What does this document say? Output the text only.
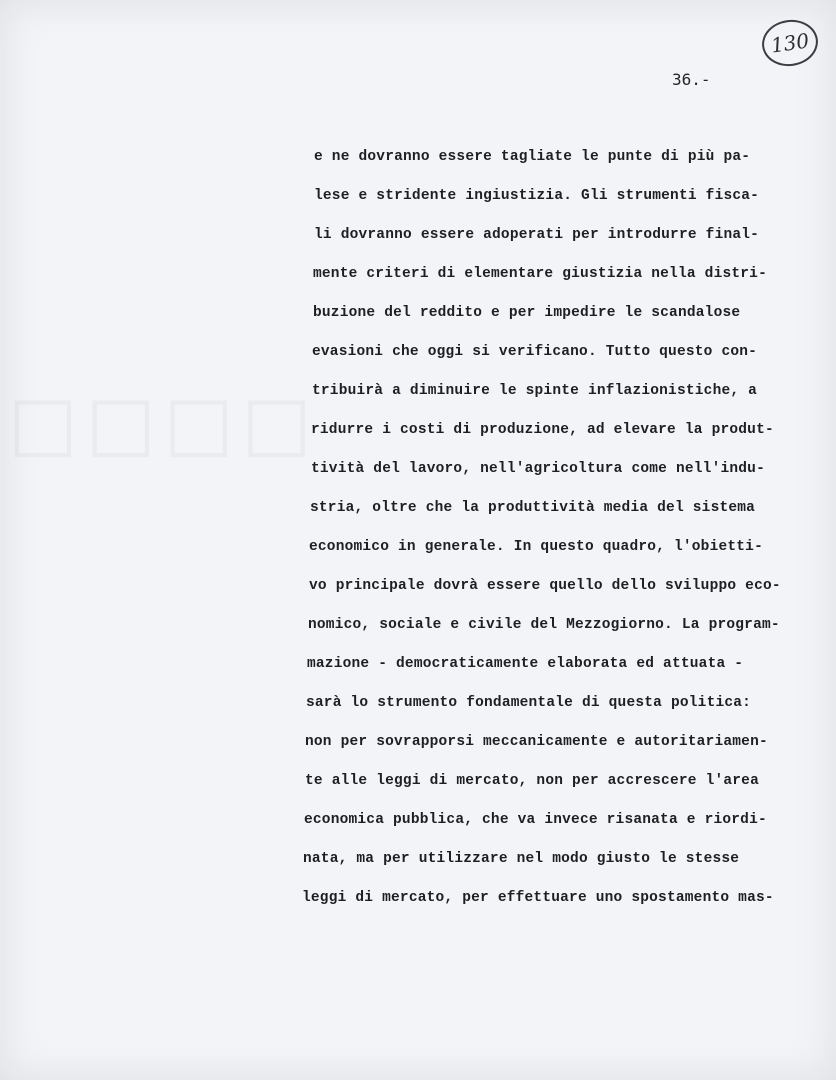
□□□□
130
36.-
e ne dovranno essere tagliate le punte di più pa-
lese e stridente ingiustizia. Gli strumenti fisca-
li dovranno essere adoperati per introdurre final-
mente criteri di elementare giustizia nella distri-
buzione del reddito e per impedire le scandalose
evasioni che oggi si verificano. Tutto questo con-
tribuirà a diminuire le spinte inflazionistiche, a
ridurre i costi di produzione, ad elevare la produt-
tività del lavoro, nell'agricoltura come nell'indu-
stria, oltre che la produttività media del sistema
economico in generale. In questo quadro, l'obietti-
vo principale dovrà essere quello dello sviluppo eco-
nomico, sociale e civile del Mezzogiorno. La program-
mazione - democraticamente elaborata ed attuata -
sarà lo strumento fondamentale di questa politica:
non per sovrapporsi meccanicamente e autoritariamen-
te alle leggi di mercato, non per accrescere l'area
economica pubblica, che va invece risanata e riordi-
nata, ma per utilizzare nel modo giusto le stesse
leggi di mercato, per effettuare uno spostamento mas-
